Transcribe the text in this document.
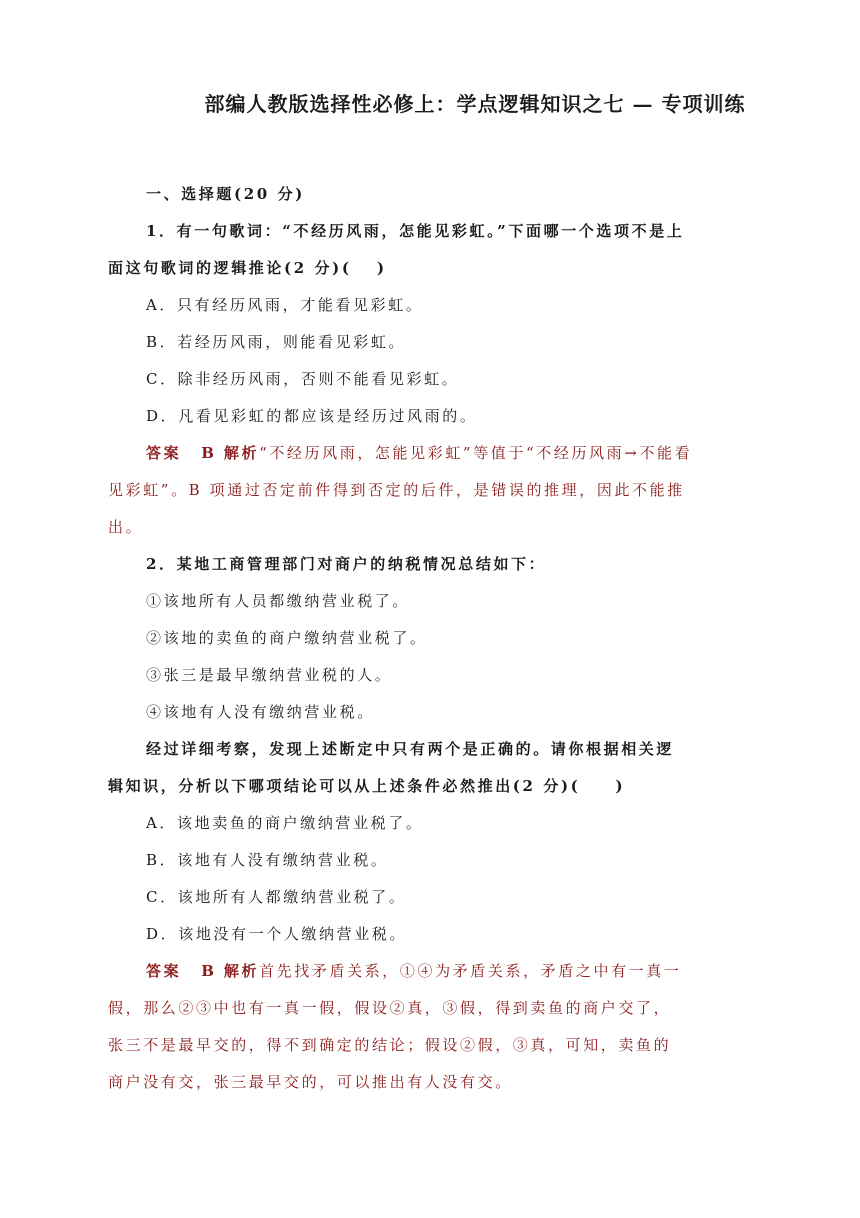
部编人教版选择性必修上：学点逻辑知识之七 — 专项训练
一、选择题(20 分)
1．有一句歌词：“不经历风雨，怎能见彩虹。”下面哪一个选项不是上
面这句歌词的逻辑推论(2 分)(　 )
A．只有经历风雨，才能看见彩虹。
B．若经历风雨，则能看见彩虹。
C．除非经历风雨，否则不能看见彩虹。
D．凡看见彩虹的都应该是经历过风雨的。
答案 B 解析“不经历风雨，怎能见彩虹”等值于“不经历风雨→不能看
见彩虹”。B 项通过否定前件得到否定的后件，是错误的推理，因此不能推
出。
2．某地工商管理部门对商户的纳税情况总结如下：
①该地所有人员都缴纳营业税了。
②该地的卖鱼的商户缴纳营业税了。
③张三是最早缴纳营业税的人。
④该地有人没有缴纳营业税。
经过详细考察，发现上述断定中只有两个是正确的。请你根据相关逻
辑知识，分析以下哪项结论可以从上述条件必然推出(2 分)(　　)
A．该地卖鱼的商户缴纳营业税了。
B．该地有人没有缴纳营业税。
C．该地所有人都缴纳营业税了。
D．该地没有一个人缴纳营业税。
答案 B 解析首先找矛盾关系，①④为矛盾关系，矛盾之中有一真一
假，那么②③中也有一真一假，假设②真，③假，得到卖鱼的商户交了，
张三不是最早交的，得不到确定的结论；假设②假，③真，可知，卖鱼的
商户没有交，张三最早交的，可以推出有人没有交。
